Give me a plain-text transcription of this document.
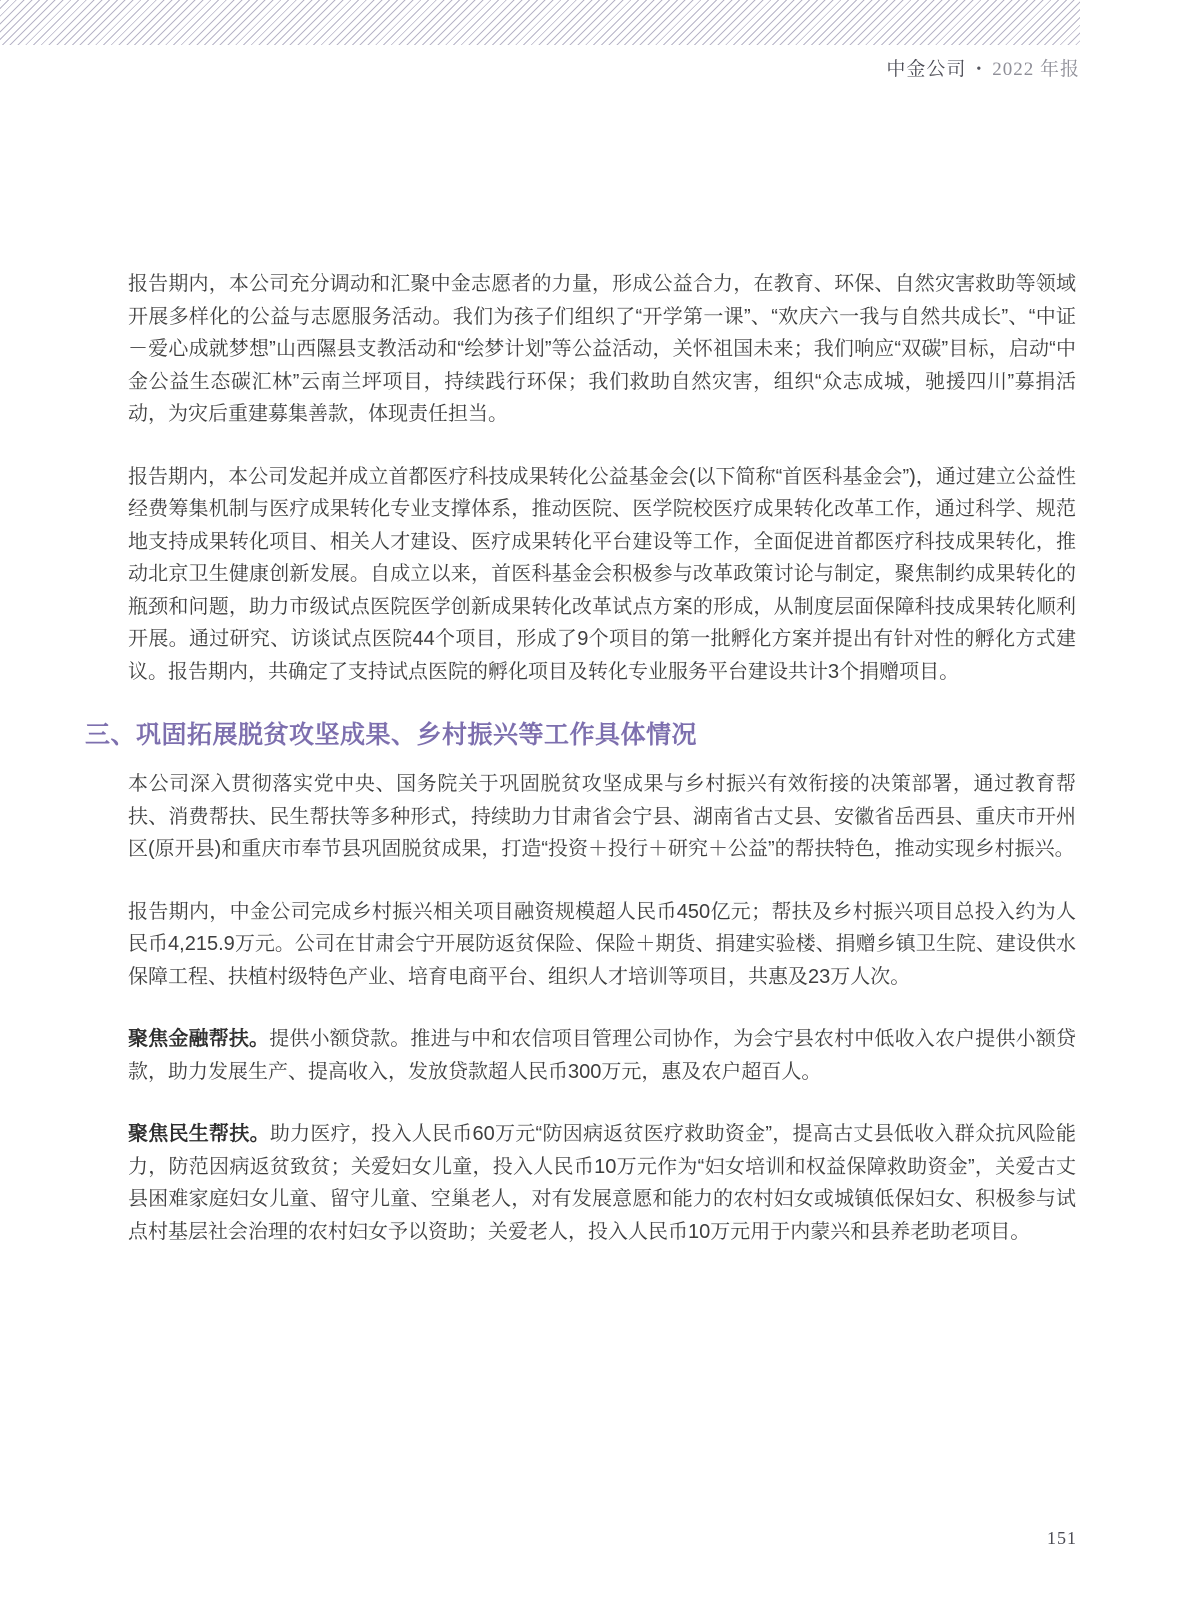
中金公司 • 2022 年报

报告期内，本公司充分调动和汇聚中金志愿者的力量，形成公益合力，在教育、环保、自然灾害救助等领域开展多样化的公益与志愿服务活动。我们为孩子们组织了“开学第一课”、“欢庆六一我与自然共成长”、“中证－爱心成就梦想”山西隰县支教活动和“绘梦计划”等公益活动，关怀祖国未来；我们响应“双碳”目标，启动“中金公益生态碳汇林”云南兰坪项目，持续践行环保；我们救助自然灾害，组织“众志成城，驰援四川”募捐活动，为灾后重建募集善款，体现责任担当。

报告期内，本公司发起并成立首都医疗科技成果转化公益基金会(以下简称“首医科基金会”)，通过建立公益性经费筹集机制与医疗成果转化专业支撑体系，推动医院、医学院校医疗成果转化改革工作，通过科学、规范地支持成果转化项目、相关人才建设、医疗成果转化平台建设等工作，全面促进首都医疗科技成果转化，推动北京卫生健康创新发展。自成立以来，首医科基金会积极参与改革政策讨论与制定，聚焦制约成果转化的瓶颈和问题，助力市级试点医院医学创新成果转化改革试点方案的形成，从制度层面保障科技成果转化顺利开展。通过研究、访谈试点医院44个项目，形成了9个项目的第一批孵化方案并提出有针对性的孵化方式建议。报告期内，共确定了支持试点医院的孵化项目及转化专业服务平台建设共计3个捐赠项目。

三、巩固拓展脱贫攻坚成果、乡村振兴等工作具体情况

本公司深入贯彻落实党中央、国务院关于巩固脱贫攻坚成果与乡村振兴有效衔接的决策部署，通过教育帮扶、消费帮扶、民生帮扶等多种形式，持续助力甘肃省会宁县、湖南省古丈县、安徽省岳西县、重庆市开州区(原开县)和重庆市奉节县巩固脱贫成果，打造“投资＋投行＋研究＋公益”的帮扶特色，推动实现乡村振兴。

报告期内，中金公司完成乡村振兴相关项目融资规模超人民币450亿元；帮扶及乡村振兴项目总投入约为人民币4,215.9万元。公司在甘肃会宁开展防返贫保险、保险＋期货、捐建实验楼、捐赠乡镇卫生院、建设供水保障工程、扶植村级特色产业、培育电商平台、组织人才培训等项目，共惠及23万人次。

聚焦金融帮扶。提供小额贷款。推进与中和农信项目管理公司协作，为会宁县农村中低收入农户提供小额贷款，助力发展生产、提高收入，发放贷款超人民币300万元，惠及农户超百人。

聚焦民生帮扶。助力医疗，投入人民币60万元“防因病返贫医疗救助资金”，提高古丈县低收入群众抗风险能力，防范因病返贫致贫；关爱妇女儿童，投入人民币10万元作为“妇女培训和权益保障救助资金”，关爱古丈县困难家庭妇女儿童、留守儿童、空巢老人，对有发展意愿和能力的农村妇女或城镇低保妇女、积极参与试点村基层社会治理的农村妇女予以资助；关爱老人，投入人民币10万元用于内蒙兴和县养老助老项目。

151
